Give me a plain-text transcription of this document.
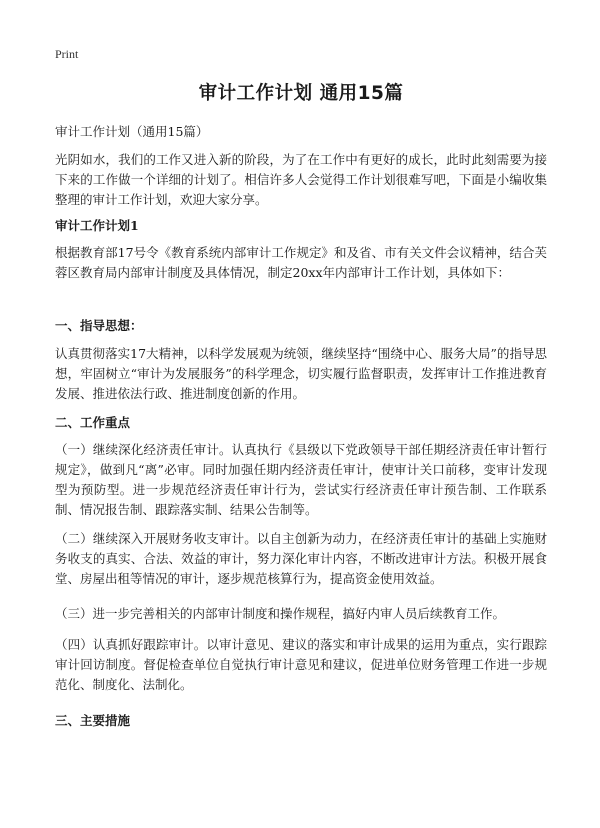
Print
审计工作计划 通用15篇
审计工作计划（通用15篇）
光阴如水，我们的工作又进入新的阶段，为了在工作中有更好的成长，此时此刻需要为接下来的工作做一个详细的计划了。相信许多人会觉得工作计划很难写吧，下面是小编收集整理的审计工作计划，欢迎大家分享。
审计工作计划1
根据教育部17号令《教育系统内部审计工作规定》和及省、市有关文件会议精神，结合芙蓉区教育局内部审计制度及具体情况，制定20xx年内部审计工作计划，具体如下：
一、指导思想：
认真贯彻落实17大精神，以科学发展观为统领，继续坚持“围绕中心、服务大局”的指导思想，牢固树立“审计为发展服务”的科学理念，切实履行监督职责，发挥审计工作推进教育发展、推进依法行政、推进制度创新的作用。
二、工作重点
（一）继续深化经济责任审计。认真执行《县级以下党政领导干部任期经济责任审计暂行规定》，做到凡“离”必审。同时加强任期内经济责任审计，使审计关口前移，变审计发现型为预防型。进一步规范经济责任审计行为，尝试实行经济责任审计预告制、工作联系制、情况报告制、跟踪落实制、结果公告制等。
（二）继续深入开展财务收支审计。以自主创新为动力，在经济责任审计的基础上实施财务收支的真实、合法、效益的审计，努力深化审计内容，不断改进审计方法。积极开展食堂、房屋出租等情况的审计，逐步规范核算行为，提高资金使用效益。
（三）进一步完善相关的内部审计制度和操作规程，搞好内审人员后续教育工作。
（四）认真抓好跟踪审计。以审计意见、建议的落实和审计成果的运用为重点，实行跟踪审计回访制度。督促检查单位自觉执行审计意见和建议，促进单位财务管理工作进一步规范化、制度化、法制化。
三、主要措施
